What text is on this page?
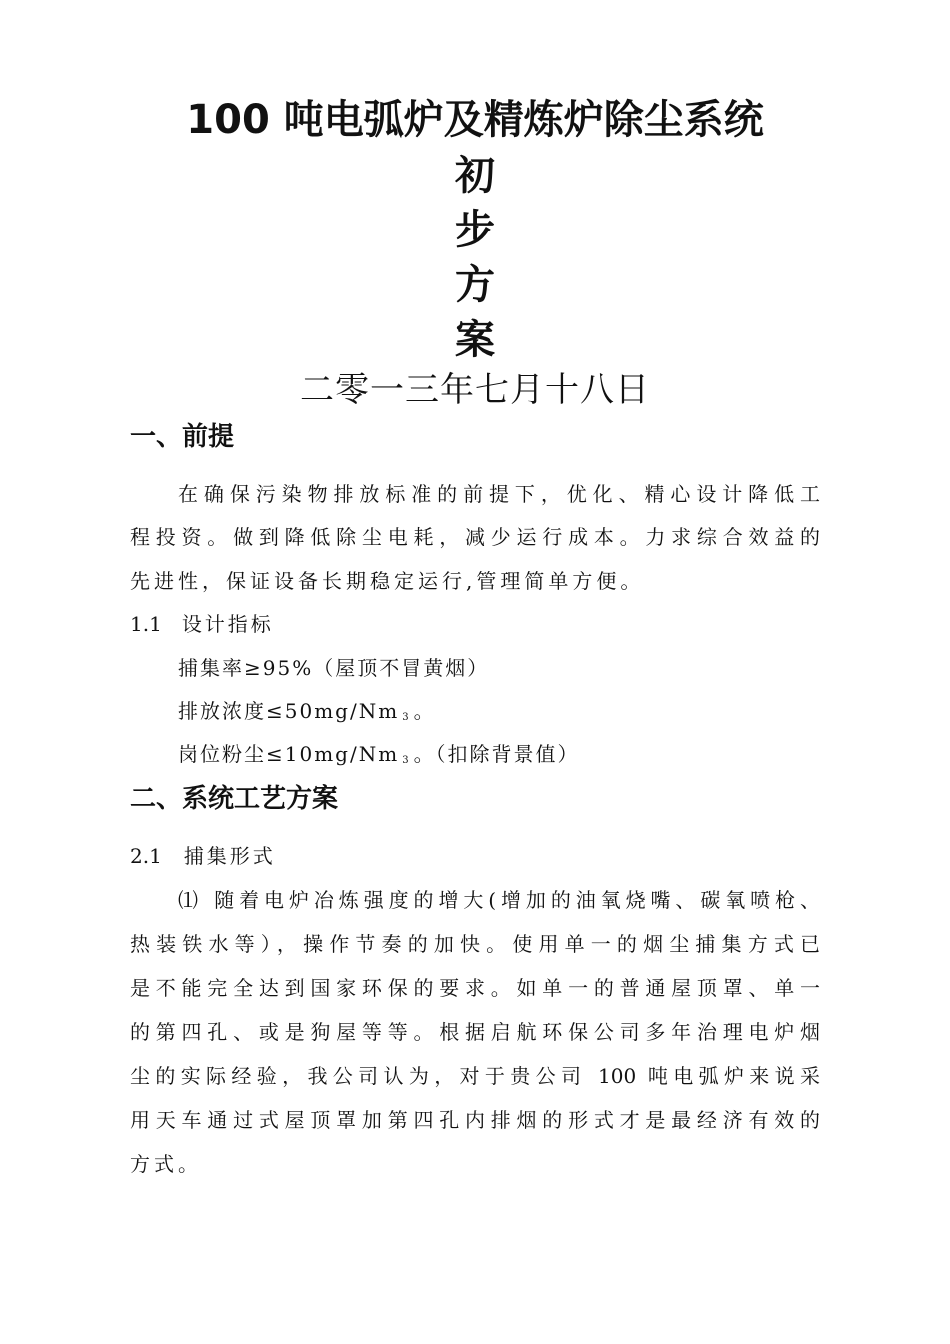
100 吨电弧炉及精炼炉除尘系统
初
步
方
案
二零一三年七月十八日
一、前提
在确保污染物排放标准的前提下，优化、精心设计降低工
程投资。做到降低除尘电耗，减少运行成本。力求综合效益的
先进性，保证设备长期稳定运行,管理简单方便。
1.1 设计指标
捕集率≥95%（屋顶不冒黄烟）
排放浓度≤50mg/Nm $_3$ 。
岗位粉尘≤10mg/Nm $_3$ 。（扣除背景值）
二、系统工艺方案
2.1 捕集形式
⑴ 随着电炉冶炼强度的增大(增加的油氧烧嘴、碳氧喷枪、
热装铁水等），操作节奏的加快。使用单一的烟尘捕集方式已
是不能完全达到国家环保的要求。如单一的普通屋顶罩、单一
的第四孔、或是狗屋等等。根据启航环保公司多年治理电炉烟
尘的实际经验，我公司认为，对于贵公司 100 吨电弧炉来说采
用天车通过式屋顶罩加第四孔内排烟的形式才是最经济有效的
方式。
